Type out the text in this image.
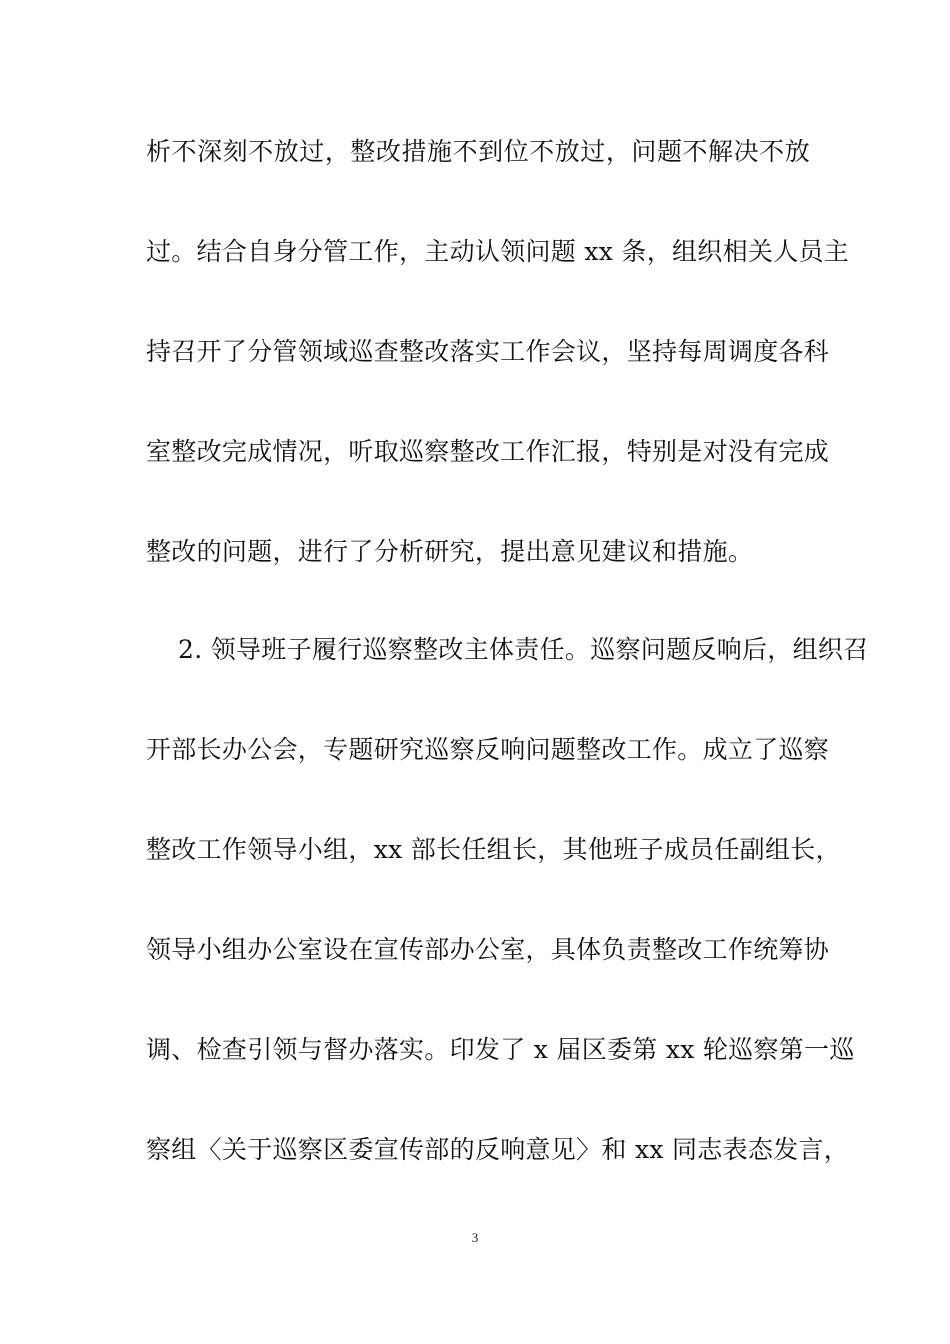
析不深刻不放过，整改措施不到位不放过，问题不解决不放
过。结合自身分管工作，主动认领问题 xx 条，组织相关人员主
持召开了分管领域巡查整改落实工作会议，坚持每周调度各科
室整改完成情况，听取巡察整改工作汇报，特别是对没有完成
整改的问题，进行了分析研究，提出意见建议和措施。
2. 领导班子履行巡察整改主体责任。巡察问题反响后，组织召
开部长办公会，专题研究巡察反响问题整改工作。成立了巡察
整改工作领导小组，xx 部长任组长，其他班子成员任副组长，
领导小组办公室设在宣传部办公室，具体负责整改工作统筹协
调、检查引领与督办落实。印发了 x 届区委第 xx 轮巡察第一巡
察组〈关于巡察区委宣传部的反响意见〉和 xx 同志表态发言，
3
